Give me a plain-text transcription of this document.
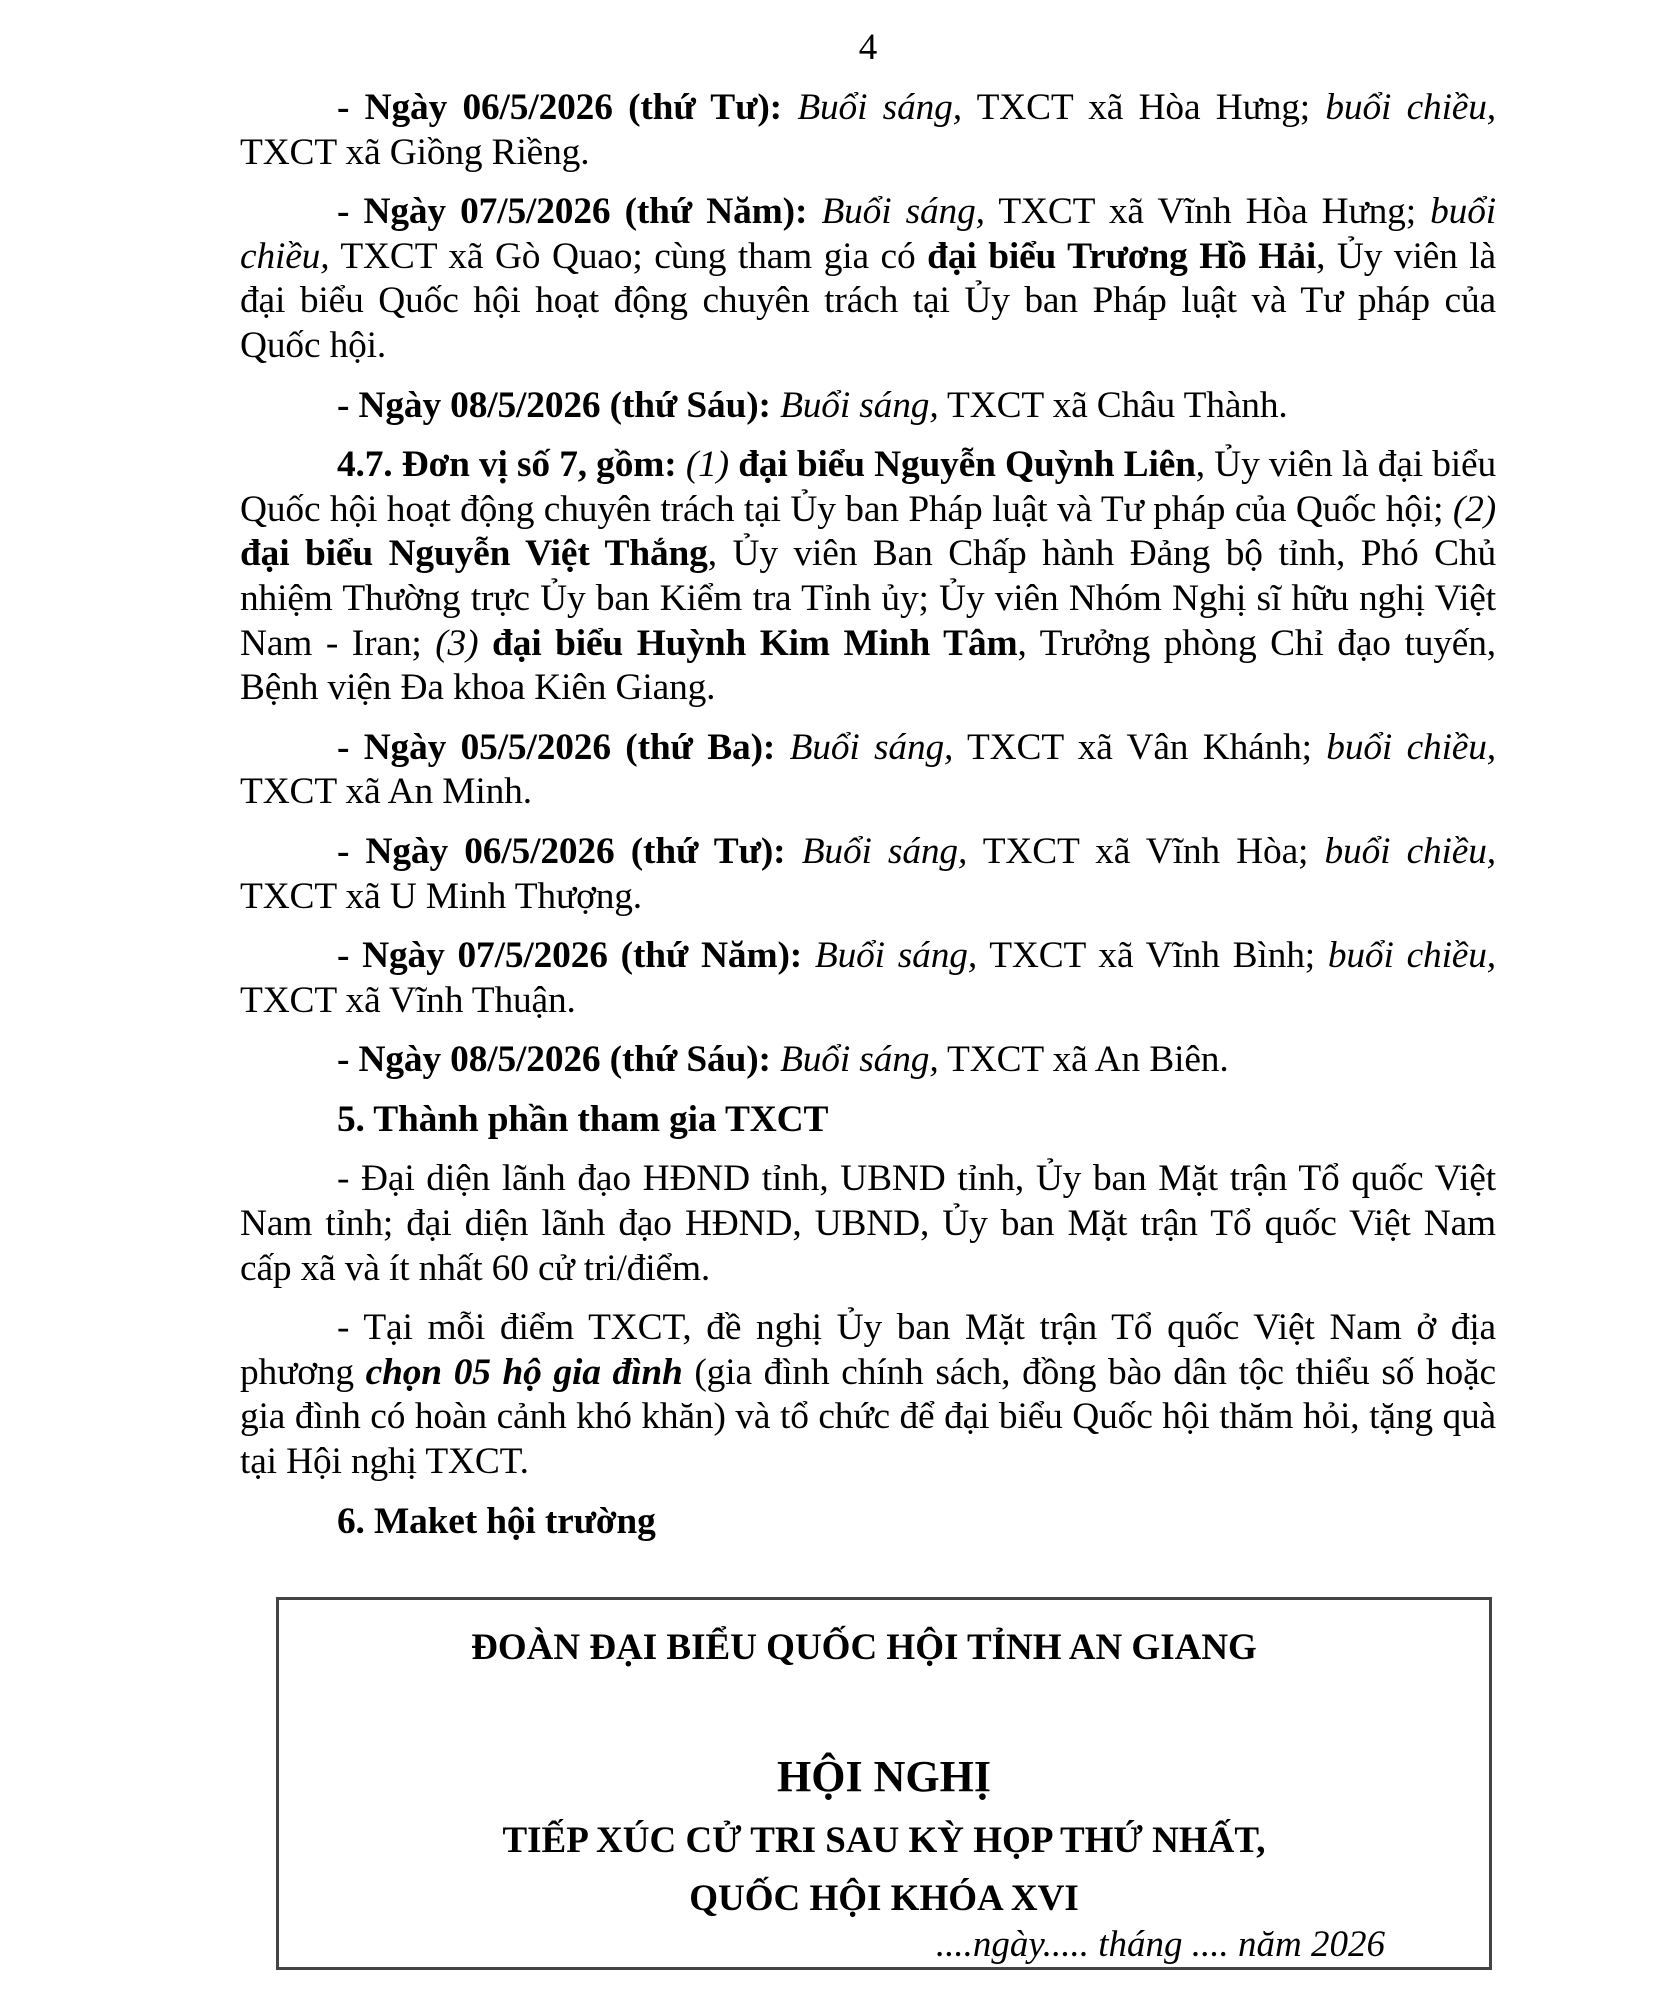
4

- Ngày 06/5/2026 (thứ Tư): Buổi sáng, TXCT xã Hòa Hưng; buổi chiều, TXCT xã Giồng Riềng.

- Ngày 07/5/2026 (thứ Năm): Buổi sáng, TXCT xã Vĩnh Hòa Hưng; buổi chiều, TXCT xã Gò Quao; cùng tham gia có đại biểu Trương Hồ Hải, Ủy viên là đại biểu Quốc hội hoạt động chuyên trách tại Ủy ban Pháp luật và Tư pháp của Quốc hội.

- Ngày 08/5/2026 (thứ Sáu): Buổi sáng, TXCT xã Châu Thành.

4.7. Đơn vị số 7, gồm: (1) đại biểu Nguyễn Quỳnh Liên, Ủy viên là đại biểu Quốc hội hoạt động chuyên trách tại Ủy ban Pháp luật và Tư pháp của Quốc hội; (2) đại biểu Nguyễn Việt Thắng, Ủy viên Ban Chấp hành Đảng bộ tỉnh, Phó Chủ nhiệm Thường trực Ủy ban Kiểm tra Tỉnh ủy; Ủy viên Nhóm Nghị sĩ hữu nghị Việt Nam - Iran; (3) đại biểu Huỳnh Kim Minh Tâm, Trưởng phòng Chỉ đạo tuyến, Bệnh viện Đa khoa Kiên Giang.

- Ngày 05/5/2026 (thứ Ba): Buổi sáng, TXCT xã Vân Khánh; buổi chiều, TXCT xã An Minh.

- Ngày 06/5/2026 (thứ Tư): Buổi sáng, TXCT xã Vĩnh Hòa; buổi chiều, TXCT xã U Minh Thượng.

- Ngày 07/5/2026 (thứ Năm): Buổi sáng, TXCT xã Vĩnh Bình; buổi chiều, TXCT xã Vĩnh Thuận.

- Ngày 08/5/2026 (thứ Sáu): Buổi sáng, TXCT xã An Biên.

5. Thành phần tham gia TXCT

- Đại diện lãnh đạo HĐND tỉnh, UBND tỉnh, Ủy ban Mặt trận Tổ quốc Việt Nam tỉnh; đại diện lãnh đạo HĐND, UBND, Ủy ban Mặt trận Tổ quốc Việt Nam cấp xã và ít nhất 60 cử tri/điểm.

- Tại mỗi điểm TXCT, đề nghị Ủy ban Mặt trận Tổ quốc Việt Nam ở địa phương chọn 05 hộ gia đình (gia đình chính sách, đồng bào dân tộc thiểu số hoặc gia đình có hoàn cảnh khó khăn) và tổ chức để đại biểu Quốc hội thăm hỏi, tặng quà tại Hội nghị TXCT.

6. Maket hội trường

ĐOÀN ĐẠI BIỂU QUỐC HỘI TỈNH AN GIANG
HỘI NGHỊ
TIẾP XÚC CỬ TRI SAU KỲ HỌP THỨ NHẤT,
QUỐC HỘI KHÓA XVI
....ngày..... tháng .... năm 2026
